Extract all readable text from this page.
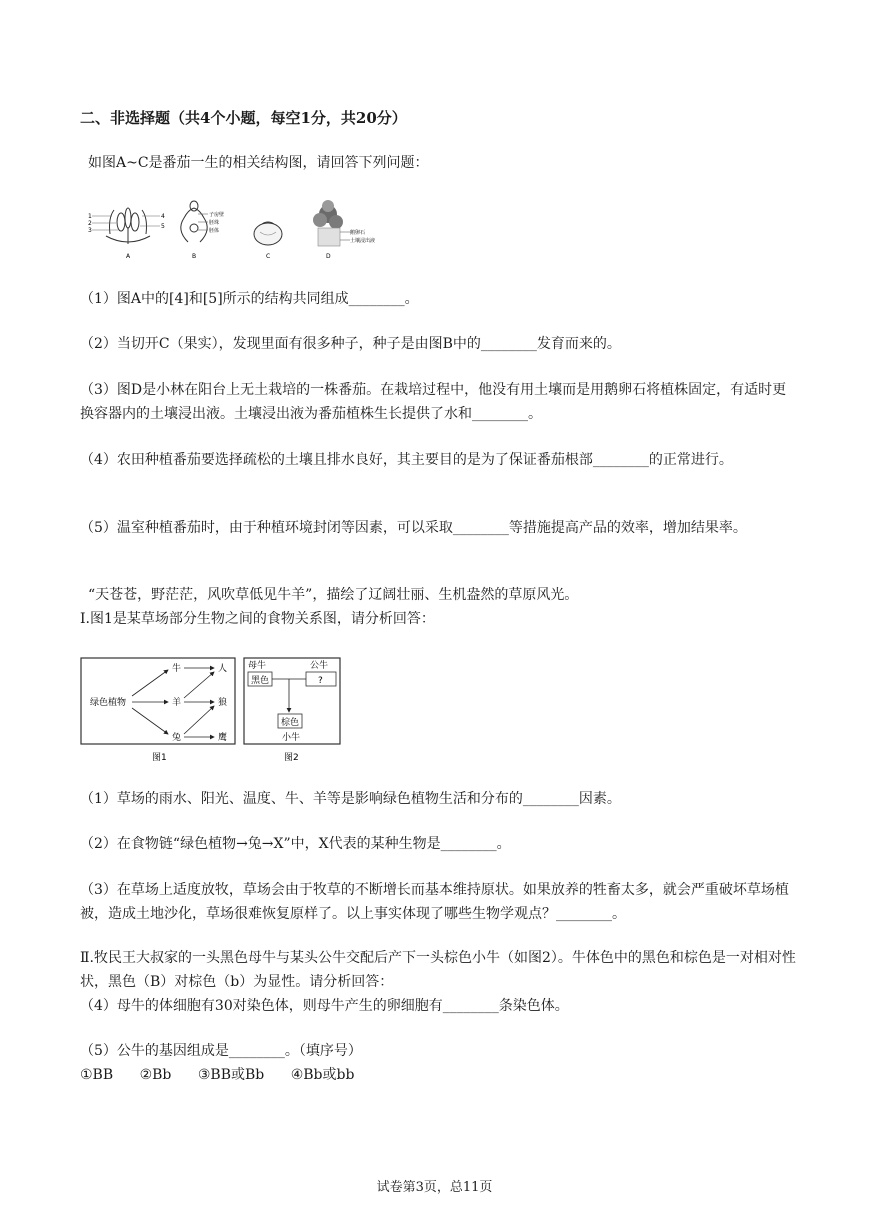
二、非选择题（共4个小题，每空1分，共20分）
如图A~C是番茄一生的相关结构图，请回答下列问题：
1
2
3
4
5
A
子房壁
胚珠
胚体
B	C
鹅卵石
土壤浸出液
D
（1）图A中的[4]和[5]所示的结构共同组成________。
（2）当切开C（果实），发现里面有很多种子，种子是由图B中的________发育而来的。
（3）图D是小林在阳台上无土栽培的一株番茄。在栽培过程中，他没有用土壤而是用鹅卵石将植株固定，有适时更换容器内的土壤浸出液。土壤浸出液为番茄植株生长提供了水和________。
（4）农田种植番茄要选择疏松的土壤且排水良好，其主要目的是为了保证番茄根部________的正常进行。
（5）温室种植番茄时，由于种植环境封闭等因素，可以采取________等措施提高产品的效率，增加结果率。
“天苍苍，野茫茫，风吹草低见牛羊”，描绘了辽阔壮丽、生机盎然的草原风光。
Ⅰ.图1是某草场部分生物之间的食物关系图，请分析回答：
绿色植物
牛
羊
兔
人
狼
鹰
图1
母牛	公牛
黑色	?
棕色
小牛
图2
（1）草场的雨水、阳光、温度、牛、羊等是影响绿色植物生活和分布的________因素。
（2）在食物链“绿色植物→兔→X”中，X代表的某种生物是________。
（3）在草场上适度放牧，草场会由于牧草的不断增长而基本维持原状。如果放养的牲畜太多，就会严重破坏草场植被，造成土地沙化，草场很难恢复原样了。以上事实体现了哪些生物学观点？________。
Ⅱ.牧民王大叔家的一头黑色母牛与某头公牛交配后产下一头棕色小牛（如图2）。牛体色中的黑色和棕色是一对相对性状，黑色（B）对棕色（b）为显性。请分析回答：
（4）母牛的体细胞有30对染色体，则母牛产生的卵细胞有________条染色体。
（5）公牛的基因组成是________。（填序号）
①BB ②Bb ③BB或Bb ④Bb或bb
试卷第3页，总11页
